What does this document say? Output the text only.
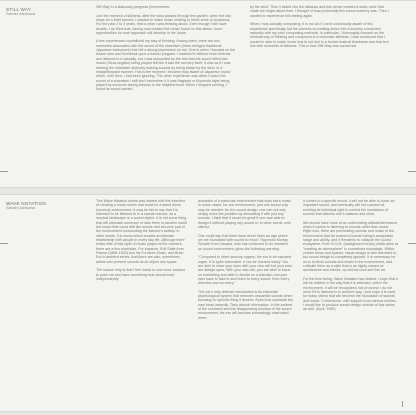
STILL WAY
Satoshi Ashikawa

Still Way in a stationary progress (movements:

Like the moment of stillness, after the wind passes through the garden, when the rain stops for a brief second, I wanted to make music relating to these sorts of occasions. For the past 2 to 3 years, this is what I was thinking about. Even though I still have doubts, I do think that, having now created the music found on this album, more opportunities for such approach will develop in the future.

A few experiences crystallized my way of thinking. Among them, there are two memories associated with the sound of the shamisen (three-stringed traditional Japanese instrument) that left a strong impression on me. One is when I focused on the lesson skin and thumbnail upon a futsuki program. I watched it without much interest and listened to it casually, but I was astounded by the fact that the sound effect-like music (Geza-ongaku) being played felt like it was the scenery itself. It was as if I was hearing the shamisen distinctly making sounds by being blown by the wind, in a straightforward manner. This is the moment I became truly aware of Japanese music which, until then, I had been ignoring. The other experience was when I heard the sound of a shamisen I still don't remember if it was Nagauta or Kiyomoto style being played by someone taking lessons in the neighborhood. When I stopped running, I found its sound carried

by the wind. Then it faded into the distance and this sense created a static store that made me forget about time. I thought of how profoundly this sound scenery was. Then I wanted to experience this feeling again.

When I was actually composing, it is not as if I went consciously aware of this experience specifically but the process of creating music into a scenery connected naturally with my prior composing methods. In particular, I thoroughly focused on the minimal way of thinking and composed in a cinematic stillness. I was convinced that I would be able to make music that is not tied to a frontal musical timeframe and that is in line with moments of stillness. This is how Still Way was conceived.

WAVE NOTATION
Satoshi Ashikawa

This Wave Notation series was started with the intention of creating a music series that could be a stand alone (musical) environment. It may be fair to say that it is intended to be listened to in a casual manner, as a musical landscape or a sound object. It is not some thing that will stimulate someone or take them to another world but music that could drift like smoke and become part of the environment surrounding the listener's activity. In other words, it is music which creates an intimate relationship with people in every day life. Although there exists little of this style of music played at the moment, there are a few examples. For instance, Erik Satie from France (1866-1925) and his Furniture Music, and Brian Eno's ambient series. And there are also, sometimes, artists who present sounds as an object into space.

The reason why is that I feel music is now more anxious to push out and have something that should exist independently.

acoustics of a particular environment that suits each music. In some cases, for one environment, just one sound only may be needed. As it is sound design, one can not only simply solve the problem by decorating it with just any sounds. I think that it would be great if one was able to design it without playing any sound or, in other words, with silence.

One could say that there have never been an age where we are inundated with sound so much. Raymond Murray Schafer from Canada, who has continued to do research on sound environment, gives the following warning:

"Compared to other sensory organs, the ear is an exposed organ. It is quite vulnerable; it can be focused easily. You are able to close your eyes with your own will but your ears are always open. With your own will, you are able to focus on something and able to decide on a direction, but your ears have to take in and listen to every sound, from every direction and on every."

The ear's only defense mechanism is its elaborate psychological system that removes unwanted sounds when focusing on specific thing it desires. Eyes look outwards but ears head inwardly. They absorb information. In the context of the confused and the disappearing function of the sound environment, the ear will become increasingly obstructed when

it comes to a specific sound, it will not be able to cover an important sound, and eventually will not succeed at exerting its individual right to control the inundation of sounds that disturbs one's balance and mind.

We should have more of an uniformizing attitude/demeanor when it comes to listening to sounds other than music. Right now, there are permeating sounds and music in the environment that far exceed a human being's acceptable range and ability, and it threatens to collapse the sound ecosystem. Even B.G.M. (background music) which aims at "creating an atmosphere" is sometimes nowadays. Within certain areas and spaces, visual design is well attended to, but sound design is completely ignored. It is necessary for us to re-think sounds and music in the environment, and cultivate them as a style that is as highly valued as architecture and interior, as well as food and live art.

For the time being, Wave Notation has started. I hope that it will be utilized in the way that it is intended, within the environment. It will be recognized, but of course I do not mind if it is listened to in another way. I just hope it is used for many others that will become the foundation of sounds and music. Furthermore, with support from various entities, I would like to produce sound design outside of this series as well. (April, 1982)
